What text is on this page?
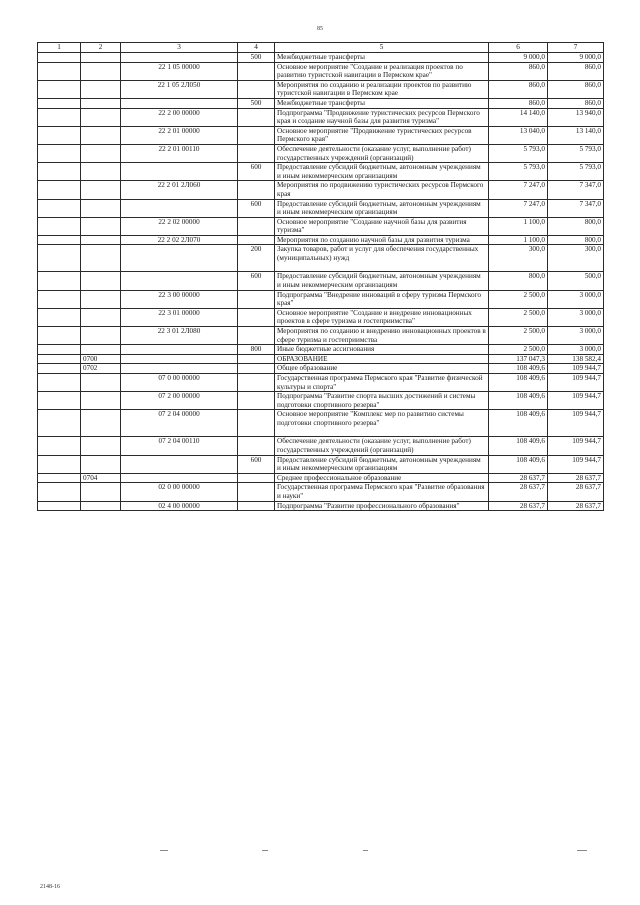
85
1	2	3	4	5	6	7
			500	Межбюджетные трансферты	9 000,0	9 000,0
		22 1 05 00000		Основное мероприятие "Создание и реализация проектов по развитию туристской навигации в Пермском крае"	860,0	860,0
		22 1 05 2Л050		Мероприятия по созданию и реализации проектов по развитию туристской навигации в Пермском крае	860,0	860,0
			500	Межбюджетные трансферты	860,0	860,0
		22 2 00 00000		Подпрограмма "Продвижение туристических ресурсов Пермского края и создание научной базы для развития туризма"	14 140,0	13 940,0
		22 2 01 00000		Основное мероприятие "Продвижение туристических ресурсов Пермского края"	13 040,0	13 140,0
		22 2 01 00110		Обеспечение деятельности (оказание услуг, выполнение работ) государственных учреждений (организаций)	5 793,0	5 793,0
			600	Предоставление субсидий бюджетным, автономным учреждениям и иным некоммерческим организациям	5 793,0	5 793,0
		22 2 01 2Л060		Мероприятия по продвижению туристических ресурсов Пермского края	7 247,0	7 347,0
			600	Предоставление субсидий бюджетным, автономным учреждениям и иным некоммерческим организациям	7 247,0	7 347,0
		22 2 02 00000		Основное мероприятие "Создание научной базы для развития туризма"	1 100,0	800,0
		22 2 02 2Л070		Мероприятия по созданию научной базы для развития туризма	1 100,0	800,0
			200	Закупка товаров, работ и услуг для обеспечения государственных (муниципальных) нужд	300,0	300,0
			600	Предоставление субсидий бюджетным, автономным учреждениям и иным некоммерческим организациям	800,0	500,0
		22 3 00 00000		Подпрограмма "Внедрение инноваций в сферу туризма Пермского края"	2 500,0	3 000,0
		22 3 01 00000		Основное мероприятие "Создание и внедрение инновационных проектов в сфере туризма и гостеприимства"	2 500,0	3 000,0
		22 3 01 2Л080		Мероприятия по созданию и внедрению инновационных проектов в сфере туризма и гостеприимства	2 500,0	3 000,0
			800	Иные бюджетные ассигнования	2 500,0	3 000,0
	0700			ОБРАЗОВАНИЕ	137 047,3	138 582,4
	0702			Общее образование	108 409,6	109 944,7
		07 0 00 00000		Государственная программа Пермского края "Развитие физической культуры и спорта"	108 409,6	109 944,7
		07 2 00 00000		Подпрограмма "Развитие спорта высших достижений и системы подготовки спортивного резерва"	108 409,6	109 944,7
		07 2 04 00000		Основное мероприятие "Комплекс мер по развитию системы подготовки спортивного резерва"	108 409,6	109 944,7
		07 2 04 00110		Обеспечение деятельности (оказание услуг, выполнение работ) государственных учреждений (организаций)	108 409,6	109 944,7
			600	Предоставление субсидий бюджетным, автономным учреждениям и иным некоммерческим организациям	108 409,6	109 944,7
	0704			Среднее профессиональное образование	28 637,7	28 637,7
		02 0 00 00000		Государственная программа Пермского края "Развитие образования и науки"	28 637,7	28 637,7
		02 4 00 00000		Подпрограмма "Развитие профессионального образования"	28 637,7	28 637,7
2148-16
